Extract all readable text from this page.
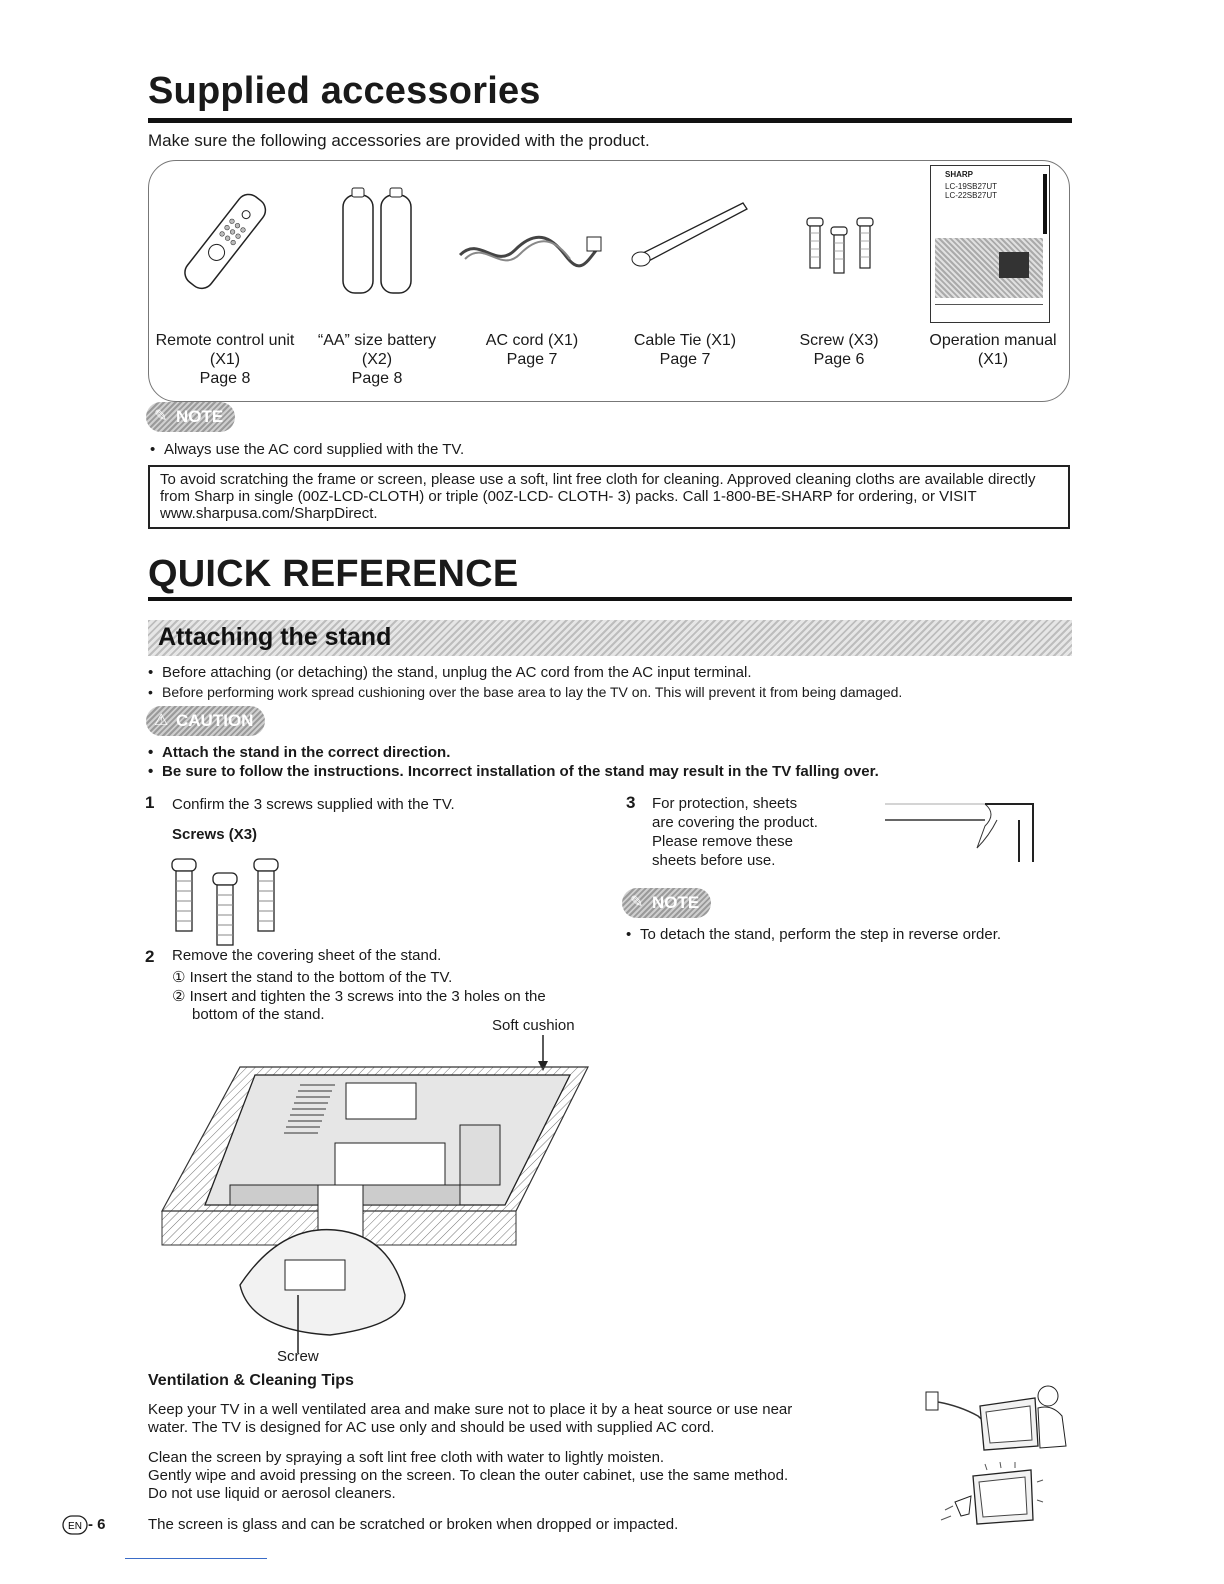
Supplied accessories
Make sure the following accessories are provided with the product.
SHARP
LC-19SB27UT
LC-22SB27UT
Remote control unit
(X1)
Page 8
“AA” size battery
(X2)
Page 8
AC cord (X1)
Page 7
Cable Tie (X1)
Page 7
Screw (X3)
Page 6
Operation manual
(X1)
✎ NOTE
• Always use the AC cord supplied with the TV.
To avoid scratching the frame or screen, please use a soft, lint free cloth for cleaning. Approved cleaning cloths are available directly from Sharp in single (00Z-LCD-CLOTH) or triple (00Z-LCD- CLOTH- 3) packs. Call 1-800-BE-SHARP for ordering, or VISIT www.sharpusa.com/SharpDirect.
QUICK REFERENCE
Attaching the stand
• Before attaching (or detaching) the stand, unplug the AC cord from the AC input terminal.
• Before performing work spread cushioning over the base area to lay the TV on. This will prevent it from being damaged.
⚠ CAUTION
• Attach the stand in the correct direction.
• Be sure to follow the instructions. Incorrect installation of the stand may result in the TV falling over.
1 Confirm the 3 screws supplied with the TV.
Screws (X3)
2 Remove the covering sheet of the stand.
① Insert the stand to the bottom of the TV.
② Insert and tighten the 3 screws into the 3 holes on the
bottom of the stand.
Soft cushion
Screw
3 For protection, sheets
are covering the product.
Please remove these
sheets before use.
✎ NOTE
• To detach the stand, perform the step in reverse order.
Ventilation & Cleaning Tips
Keep your TV in a well ventilated area and make sure not to place it by a heat source or use near
water. The TV is designed for AC use only and should be used with supplied AC cord.
Clean the screen by spraying a soft lint free cloth with water to lightly moisten.
Gently wipe and avoid pressing on the screen. To clean the outer cabinet, use the same method.
Do not use liquid or aerosol cleaners.
The screen is glass and can be scratched or broken when dropped or impacted.
EN - 6
